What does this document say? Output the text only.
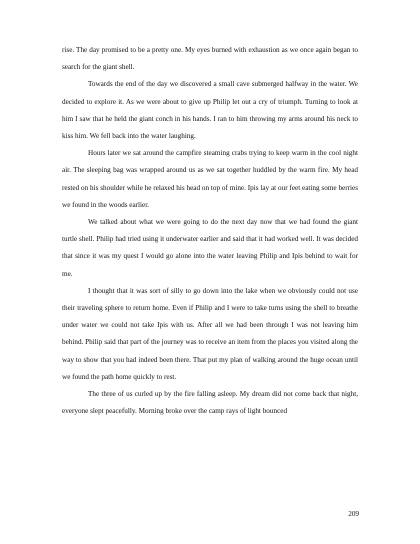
rise. The day promised to be a pretty one. My eyes burned with exhaustion as we once again began to search for the giant shell.

Towards the end of the day we discovered a small cave submerged halfway in the water. We decided to explore it. As we were about to give up Philip let out a cry of triumph. Turning to look at him I saw that he held the giant conch in his hands. I ran to him throwing my arms around his neck to kiss him. We fell back into the water laughing.

Hours later we sat around the campfire steaming crabs trying to keep warm in the cool night air. The sleeping bag was wrapped around us as we sat together huddled by the warm fire. My head rested on his shoulder while he relaxed his head on top of mine. Ipis lay at our feet eating some berries we found in the woods earlier.

We talked about what we were going to do the next day now that we had found the giant turtle shell. Philip had tried using it underwater earlier and said that it had worked well. It was decided that since it was my quest I would go alone into the water leaving Philip and Ipis behind to wait for me.

I thought that it was sort of silly to go down into the lake when we obviously could not use their traveling sphere to return home. Even if Philip and I were to take turns using the shell to breathe under water we could not take Ipis with us. After all we had been through I was not leaving him behind. Philip said that part of the journey was to receive an item from the places you visited along the way to show that you had indeed been there. That put my plan of walking around the huge ocean until we found the path home quickly to rest.

The three of us curled up by the fire falling asleep. My dream did not come back that night, everyone slept peacefully. Morning broke over the camp rays of light bounced

209
